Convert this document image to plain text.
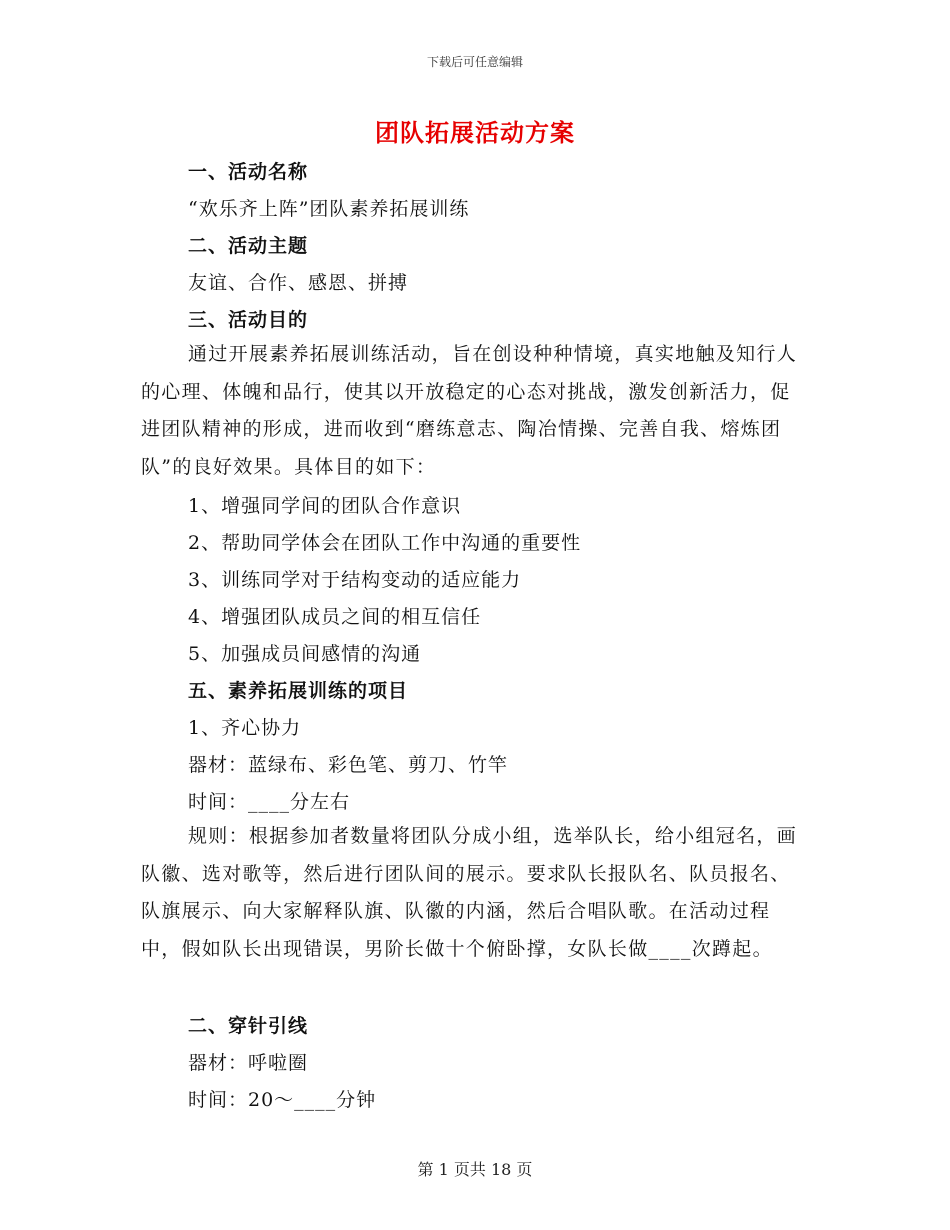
下载后可任意编辑
团队拓展活动方案
一、活动名称
“欢乐齐上阵”团队素养拓展训练
二、活动主题
友谊、合作、感恩、拼搏
三、活动目的
通过开展素养拓展训练活动，旨在创设种种情境，真实地触及知行人的心理、体魄和品行，使其以开放稳定的心态对挑战，激发创新活力，促进团队精神的形成，进而收到“磨练意志、陶冶情操、完善自我、熔炼团队”的良好效果。具体目的如下：
1、增强同学间的团队合作意识
2、帮助同学体会在团队工作中沟通的重要性
3、训练同学对于结构变动的适应能力
4、增强团队成员之间的相互信任
5、加强成员间感情的沟通
五、素养拓展训练的项目
1、齐心协力
器材：蓝绿布、彩色笔、剪刀、竹竿
时间：____分左右
规则：根据参加者数量将团队分成小组，选举队长，给小组冠名，画队徽、选对歌等，然后进行团队间的展示。要求队长报队名、队员报名、队旗展示、向大家解释队旗、队徽的内涵，然后合唱队歌。在活动过程中，假如队长出现错误，男阶长做十个俯卧撑，女队长做____次蹲起。
二、穿针引线
器材：呼啦圈
时间：20～____分钟
第 1 页共 18 页
